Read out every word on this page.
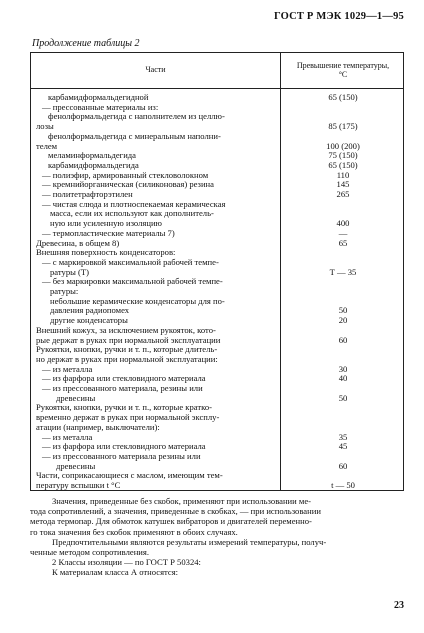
ГОСТ Р МЭК 1029—1—95
Продолжение таблицы 2
Части	Превышение температуры,
°С
карбамидформальдегидной	65 (150)
— прессованные материалы из:
фенолформальдегида с наполнителем из целлю-
лозы	85 (175)
фенолформальдегида с минеральным наполни-
телем	100 (200)
меламинформальдегида	75 (150)
карбамидформальдегида	65 (150)
— полиэфир, армированный стекловолокном	110
— кремнийорганическая (силиконовая) резина	145
— политетрафторэтилен	265
— чистая слюда и плотноспекаемая керамическая
масса, если их используют как дополнитель-
ную или усиленную изоляцию	400
— термопластические материалы 7)	—
Древесина, в общем 8)	65
Внешняя поверхность конденсаторов:
— с маркировкой максимальной рабочей темпе-
ратуры (Т)	Т — 35
— без маркировки максимальной рабочей темпе-
ратуры:
небольшие керамические конденсаторы для по-
давления радиопомех	50
другие конденсаторы	20
Внешний кожух, за исключением рукояток, кото-
рые держат в руках при нормальной эксплуатации	60
Рукоятки, кнопки, ручки и т. п., которые длитель-
но держат в руках при нормальной эксплуатации:
— из металла	30
— из фарфора или стекловидного материала	40
— из прессованного материала, резины или
древесины	50
Рукоятки, кнопки, ручки и т. п., которые кратко-
временно держат в руках при нормальной эксплу-
атации (например, выключатели):
— из металла	35
— из фарфора или стекловидного материала	45
— из прессованного материала резины или
древесины	60
Части, соприкасающиеся с маслом, имеющим тем-
пературу вспышки t °С	t — 50
Значения, приведенные без скобок, применяют при использовании ме-
тода сопротивлений, а значения, приведенные в скобках, — при использовании
метода термопар. Для обмоток катушек вибраторов и двигателей переменно-
го тока значения без скобок применяют в обоих случаях.
Предпочтительными являются результаты измерений температуры, получ-
ченные методом сопротивления.
2 Классы изоляции — по ГОСТ Р 50324:
К материалам класса А относятся:
23
